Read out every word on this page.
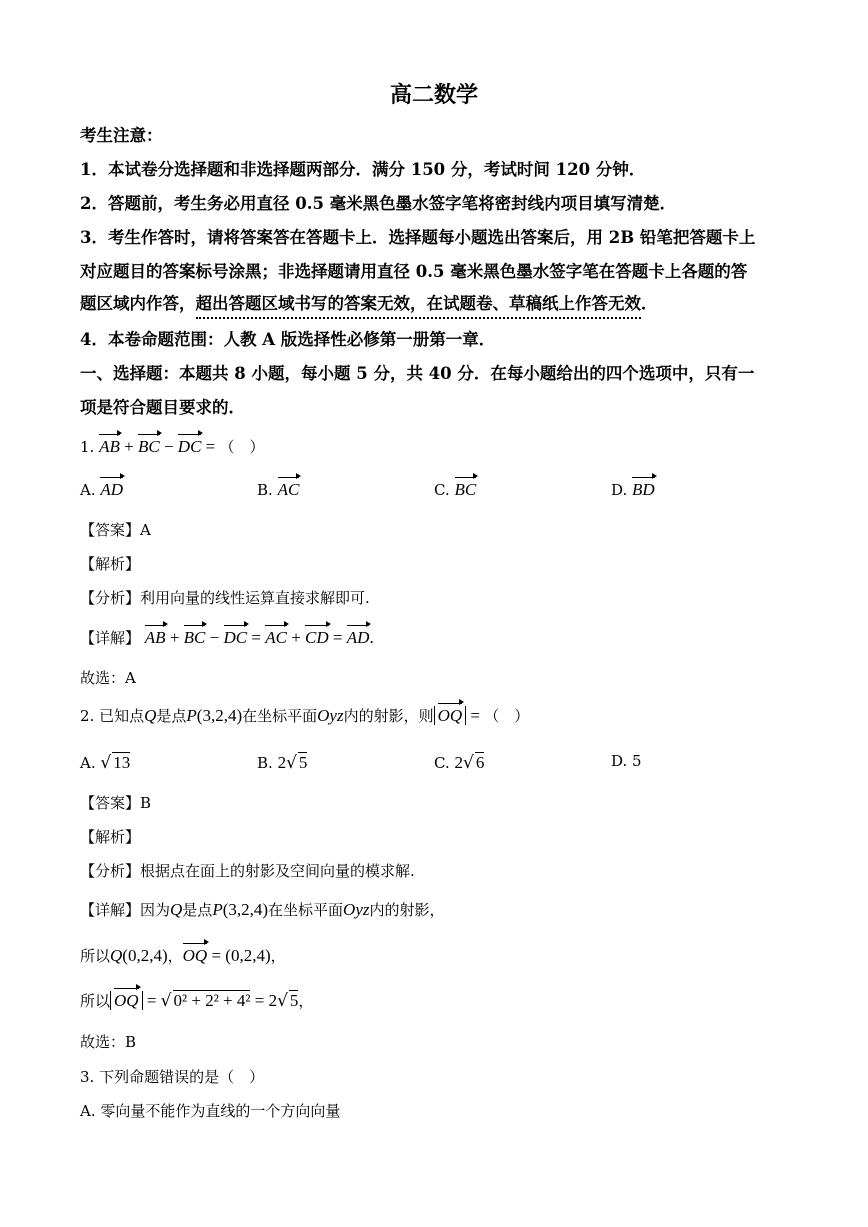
高二数学
考生注意：
1．本试卷分选择题和非选择题两部分．满分 150 分，考试时间 120 分钟．
2．答题前，考生务必用直径 0.5 毫米黑色墨水签字笔将密封线内项目填写清楚．
3．考生作答时，请将答案答在答题卡上．选择题每小题选出答案后，用 2B 铅笔把答题卡上
对应题目的答案标号涂黑；非选择题请用直径 0.5 毫米黑色墨水签字笔在答题卡上各题的答
题区域内作答，超出答题区域书写的答案无效，在试题卷、草稿纸上作答无效．
4．本卷命题范围：人教 A 版选择性必修第一册第一章．
一、选择题：本题共 8 小题，每小题 5 分，共 40 分．在每小题给出的四个选项中，只有一
项是符合题目要求的．
1. AB + BC − DC = （　）
A. AD	B. AC	C. BC	D. BD
【答案】A
【解析】
【分析】利用向量的线性运算直接求解即可.
【详解】 AB + BC − DC = AC + CD = AD.
故选：A
2. 已知点Q是点P(3,2,4)在坐标平面Oyz内的射影，则 OQ = （　）
A. √ 13	B. 2√ 5	C. 2√ 6	D. 5
【答案】B
【解析】
【分析】根据点在面上的射影及空间向量的模求解.
【详解】因为Q是点P(3,2,4)在坐标平面Oyz内的射影，
所以Q(0,2,4)，OQ = (0,2,4)，
所以 OQ = √ 0² + 2² + 4² = 2√ 5，
故选：B
3. 下列命题错误的是（　）
A. 零向量不能作为直线的一个方向向量
